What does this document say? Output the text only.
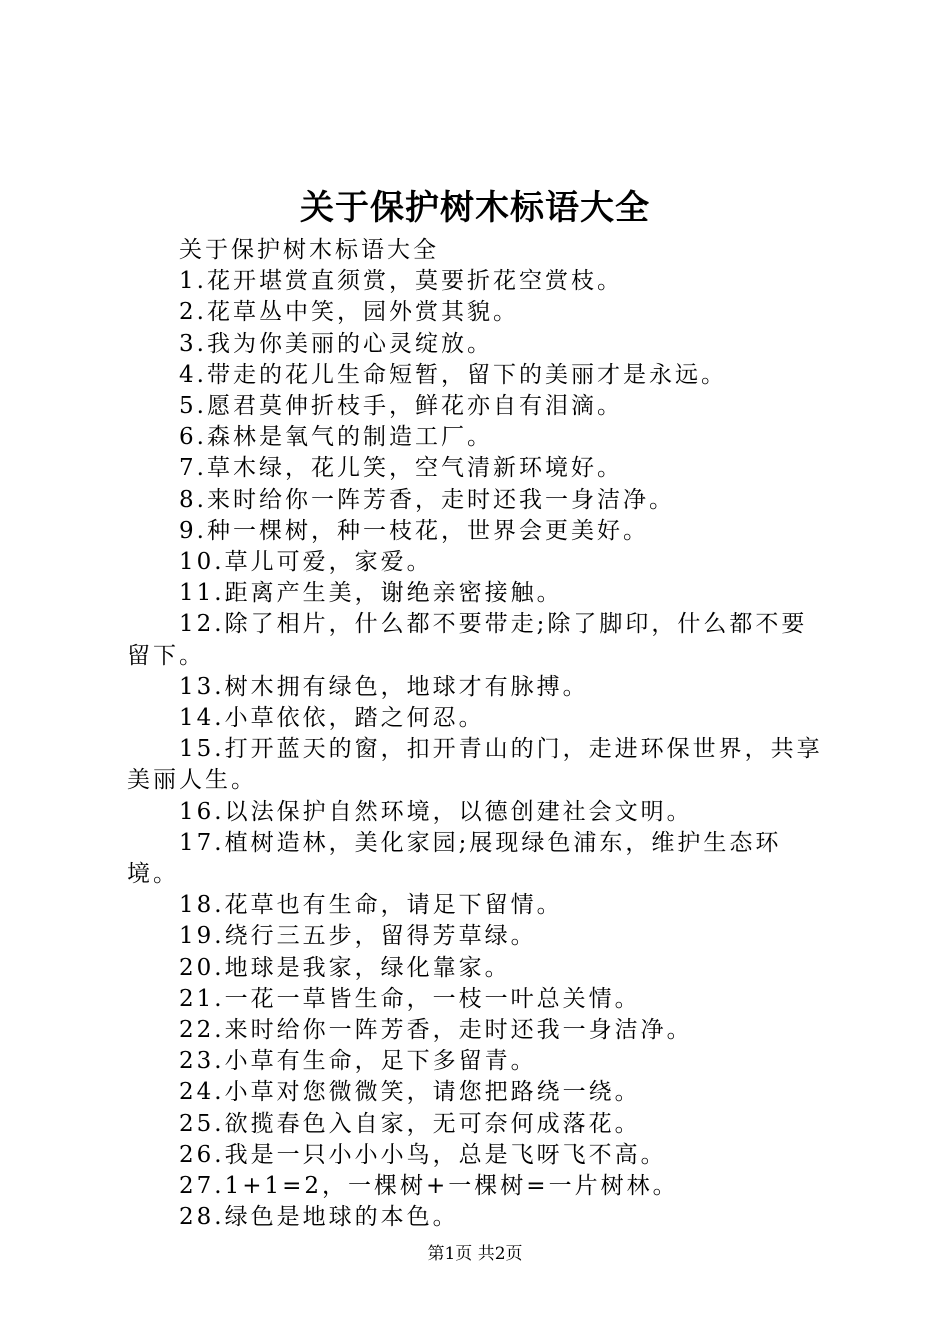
关于保护树木标语大全

关于保护树木标语大全

1.花开堪赏直须赏，莫要折花空赏枝。

2.花草丛中笑，园外赏其貌。

3.我为你美丽的心灵绽放。

4.带走的花儿生命短暂，留下的美丽才是永远。

5.愿君莫伸折枝手，鲜花亦自有泪滴。

6.森林是氧气的制造工厂。

7.草木绿，花儿笑，空气清新环境好。

8.来时给你一阵芳香，走时还我一身洁净。

9.种一棵树，种一枝花，世界会更美好。

10.草儿可爱，家爱。

11.距离产生美，谢绝亲密接触。

12.除了相片，什么都不要带走;除了脚印，什么都不要留下。

13.树木拥有绿色，地球才有脉搏。

14.小草依依，踏之何忍。

15.打开蓝天的窗，扣开青山的门，走进环保世界，共享美丽人生。

16.以法保护自然环境，以德创建社会文明。

17.植树造林，美化家园;展现绿色浦东，维护生态环境。

18.花草也有生命，请足下留情。

19.绕行三五步，留得芳草绿。

20.地球是我家，绿化靠家。

21.一花一草皆生命，一枝一叶总关情。

22.来时给你一阵芳香，走时还我一身洁净。

23.小草有生命，足下多留青。

24.小草对您微微笑，请您把路绕一绕。

25.欲揽春色入自家，无可奈何成落花。

26.我是一只小小小鸟，总是飞呀飞不高。

27.1+1=2，一棵树+一棵树=一片树林。

28.绿色是地球的本色。

第1页 共2页
